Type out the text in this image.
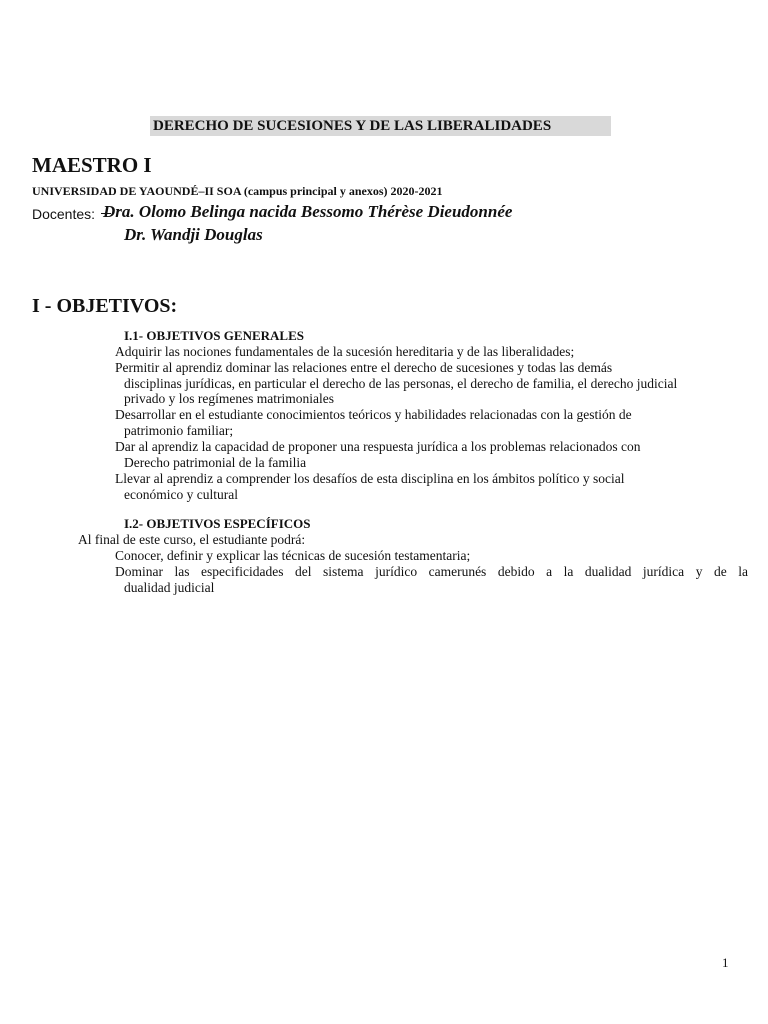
DERECHO DE SUCESIONES Y DE LAS LIBERALIDADES
MAESTRO I
UNIVERSIDAD DE YAOUNDÉ–II SOA (campus principal y anexos) 2020-2021
Docentes: Dra. Olomo Belinga nacida Bessomo Thérèse Dieudonnée
Dr. Wandji Douglas
I - OBJETIVOS:
I.1- OBJETIVOS GENERALES
Adquirir las nociones fundamentales de la sucesión hereditaria y de las liberalidades;
Permitir al aprendiz dominar las relaciones entre el derecho de sucesiones y todas las demás
disciplinas jurídicas, en particular el derecho de las personas, el derecho de familia, el derecho judicial
privado y los regímenes matrimoniales
Desarrollar en el estudiante conocimientos teóricos y habilidades relacionadas con la gestión de
patrimonio familiar;
Dar al aprendiz la capacidad de proponer una respuesta jurídica a los problemas relacionados con
Derecho patrimonial de la familia
Llevar al aprendiz a comprender los desafíos de esta disciplina en los ámbitos político y social
económico y cultural
I.2- OBJETIVOS ESPECÍFICOS
Al final de este curso, el estudiante podrá:
Conocer, definir y explicar las técnicas de sucesión testamentaria;
Dominar las especificidades del sistema jurídico camerunés debido a la dualidad jurídica y de la
dualidad judicial
1
